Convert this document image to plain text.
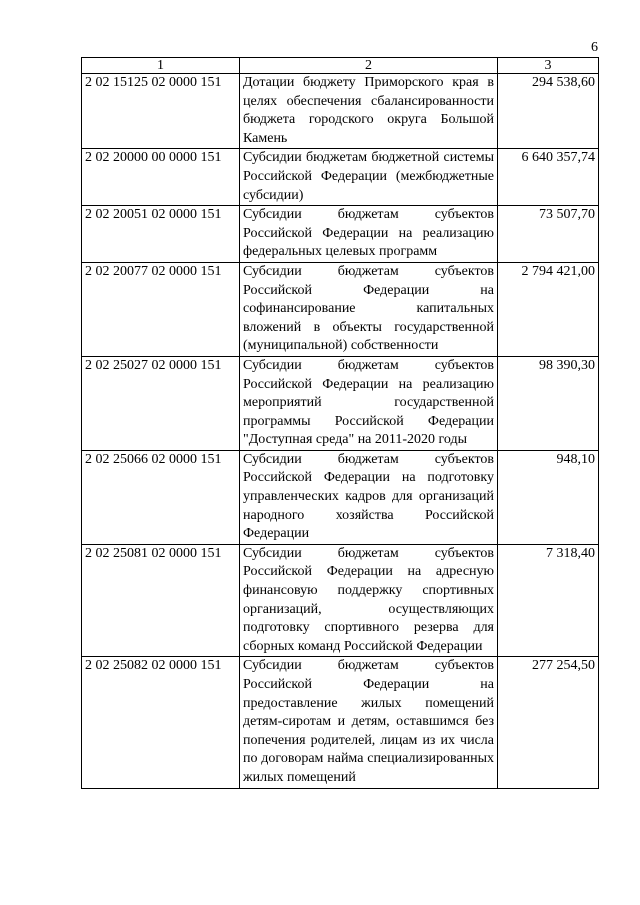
6
1	2	3
2 02 15125 02 0000 151	Дотации бюджету Приморского края в целях обеспечения сбалансированности бюджета городского округа Большой Камень	294 538,60
2 02 20000 00 0000 151	Субсидии бюджетам бюджетной системы Российской Федерации (межбюджетные субсидии)	6 640 357,74
2 02 20051 02 0000 151	Субсидии бюджетам субъектов Российской Федерации на реализацию федеральных целевых программ	73 507,70
2 02 20077 02 0000 151	Субсидии бюджетам субъектов Российской Федерации на софинансирование капитальных вложений в объекты государственной (муниципальной) собственности	2 794 421,00
2 02 25027 02 0000 151	Субсидии бюджетам субъектов Российской Федерации на реализацию мероприятий государственной программы Российской Федерации "Доступная среда" на 2011-2020 годы	98 390,30
2 02 25066 02 0000 151	Субсидии бюджетам субъектов Российской Федерации на подготовку управленческих кадров для организаций народного хозяйства Российской Федерации	948,10
2 02 25081 02 0000 151	Субсидии бюджетам субъектов Российской Федерации на адресную финансовую поддержку спортивных организаций, осуществляющих подготовку спортивного резерва для сборных команд Российской Федерации	7 318,40
2 02 25082 02 0000 151	Субсидии бюджетам субъектов Российской Федерации на предоставление жилых помещений детям-сиротам и детям, оставшимся без попечения родителей, лицам из их числа по договорам найма специализированных жилых помещений	277 254,50
